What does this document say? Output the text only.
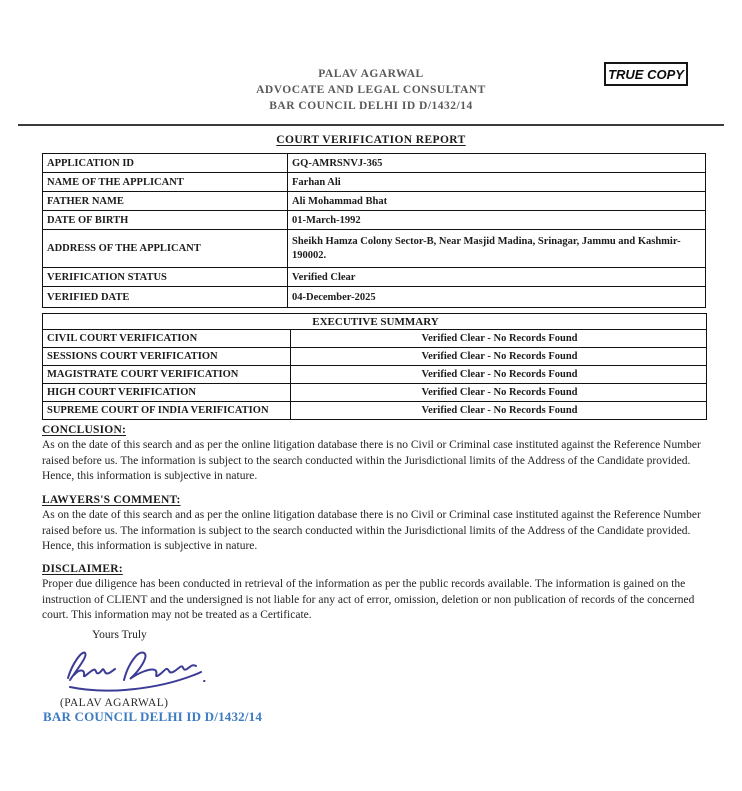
PALAV AGARWAL
ADVOCATE AND LEGAL CONSULTANT
BAR COUNCIL DELHI ID D/1432/14
TRUE COPY
COURT VERIFICATION REPORT
APPLICATION ID	GQ-AMRSNVJ-365
NAME OF THE APPLICANT	Farhan Ali
FATHER NAME	Ali Mohammad Bhat
DATE OF BIRTH	01-March-1992
ADDRESS OF THE APPLICANT	Sheikh Hamza Colony Sector-B, Near Masjid Madina, Srinagar, Jammu and Kashmir-190002.
VERIFICATION STATUS	Verified Clear
VERIFIED DATE	04-December-2025
EXECUTIVE SUMMARY	
CIVIL COURT VERIFICATION	Verified Clear - No Records Found
SESSIONS COURT VERIFICATION	Verified Clear - No Records Found
MAGISTRATE COURT VERIFICATION	Verified Clear - No Records Found
HIGH COURT VERIFICATION	Verified Clear - No Records Found
SUPREME COURT OF INDIA VERIFICATION	Verified Clear - No Records Found
CONCLUSION:
As on the date of this search and as per the online litigation database there is no Civil or Criminal case instituted against the Reference Number raised before us. The information is subject to the search conducted within the Jurisdictional limits of the Address of the Candidate provided. Hence, this information is subjective in nature.
LAWYERS'S COMMENT:
As on the date of this search and as per the online litigation database there is no Civil or Criminal case instituted against the Reference Number raised before us. The information is subject to the search conducted within the Jurisdictional limits of the Address of the Candidate provided. Hence, this information is subjective in nature.
DISCLAIMER:
Proper due diligence has been conducted in retrieval of the information as per the public records available. The information is gained on the instruction of CLIENT and the undersigned is not liable for any act of error, omission, deletion or non publication of records of the concerned court. This information may not be treated as a Certificate.
Yours Truly
(PALAV AGARWAL)
BAR COUNCIL DELHI ID D/1432/14
